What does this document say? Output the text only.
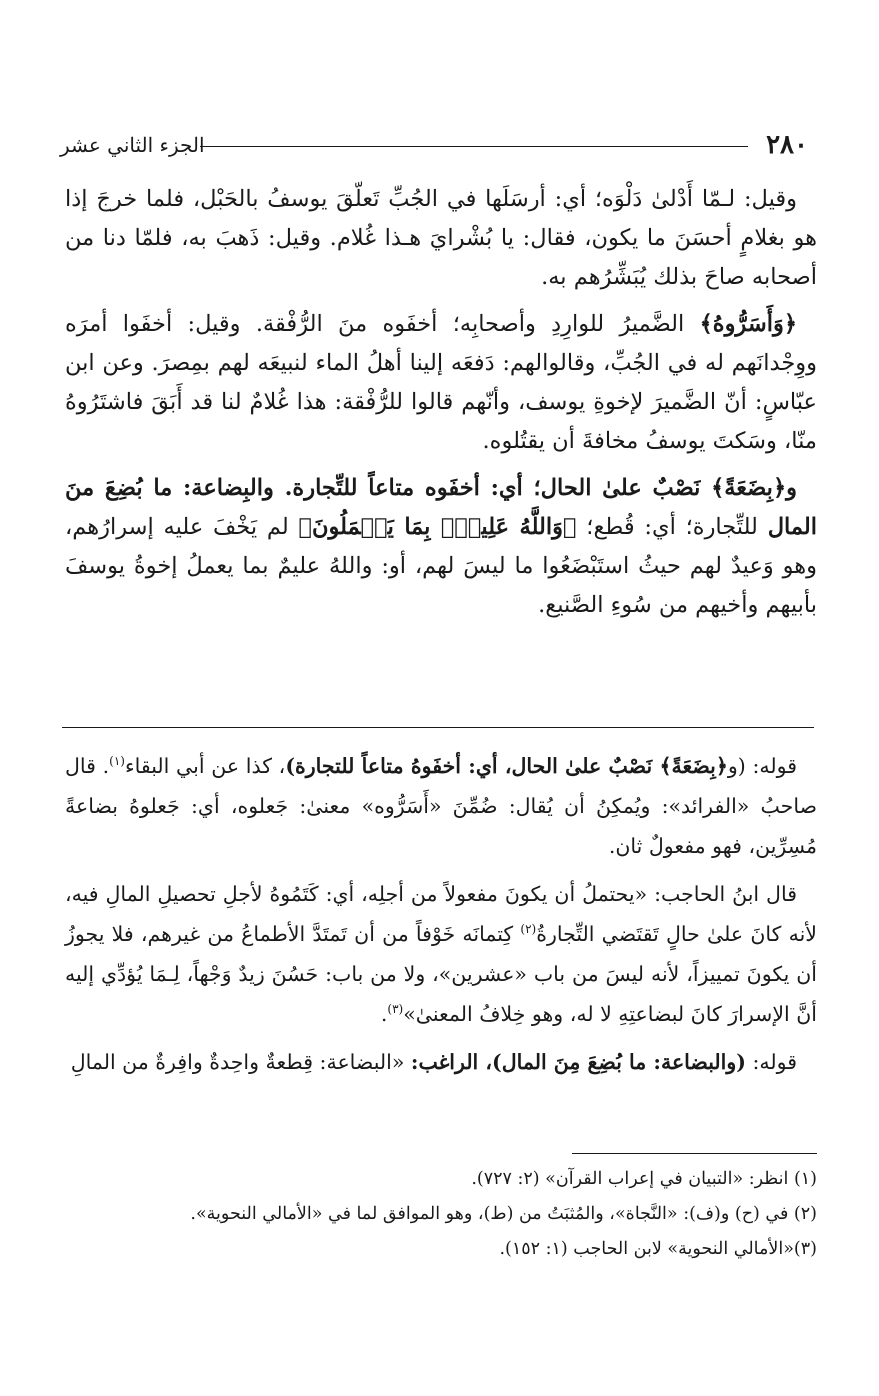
٢٨٠
الجزء الثاني عشر

وقيل: لـمّا أَدْلىٰ دَلْوَه؛ أي: أرسَلَها في الجُبِّ تَعلّقَ يوسفُ بالحَبْل، فلما خرجَ إذا هو بغلامٍ أحسَنَ ما يكون، فقال: يا بُشْرايَ هـذا غُلام. وقيل: ذَهبَ به، فلمّا دنا من أصحابه صاحَ بذلك يُبَشِّرُهم به.

﴿وَأَسَرُّوهُ﴾ الضَّميرُ للوارِدِ وأصحابِه؛ أخفَوه منَ الرُّفْقة. وقيل: أخفَوا أمرَه ووِجْدانَهم له في الجُبِّ، وقالوالهم: دَفعَه إلينا أهلُ الماء لنبيعَه لهم بمِصرَ. وعن ابن عبّاسٍ: أنّ الضَّميرَ لإخوةِ يوسف، وأنّهم قالوا للرُّفْقة: هذا غُلامٌ لنا قد أَبَقَ فاشتَرُوهُ منّا، وسَكتَ يوسفُ مخافةَ أن يقتُلوه.

و﴿بِضَعَةً﴾ نَصْبٌ علىٰ الحال؛ أي: أخفَوه متاعاً للتِّجارة. والبِضاعة: ما بُضِعَ منَ المال للتِّجارة؛ أي: قُطع؛ ﴿وَاللَّهُ عَلِيمٌۢ بِمَا يَعۡمَلُونَ﴾ لم يَخْفَ عليه إسرارُهم، وهو وَعيدٌ لهم حيثُ استَبْضَعُوا ما ليسَ لهم، أو: واللهُ عليمٌ بما يعملُ إخوةُ يوسفَ بأبيهم وأخيهم من سُوءِ الصَّنيع.

قوله: (و﴿بِضَعَةً﴾ نَصْبٌ علىٰ الحال، أي: أخفَوهُ متاعاً للتجارة)، كذا عن أبي البقاء$^{(١)}$. قال صاحبُ «الفرائد»: ويُمكِنُ أن يُقال: ضُمِّنَ «أَسَرُّوه» معنىٰ: جَعلوه، أي: جَعلوهُ بضاعةً مُسِرِّين، فهو مفعولٌ ثان.

قال ابنُ الحاجب: «يحتملُ أن يكونَ مفعولاً من أجلِه، أي: كَتَمُوهُ لأجلِ تحصيلِ المالِ فيه، لأنه كانَ علىٰ حالٍ تَقتَضي التِّجارةُ$^{(٢)}$ كِتمانَه خَوْفاً من أن تَمتَدَّ الأطماعُ من غيرهم، فلا يجوزُ أن يكونَ تمييزاً، لأنه ليسَ من باب «عشرين»، ولا من باب: حَسُنَ زيدٌ وَجْهاً، لِـمَا يُؤدِّي إليه أنَّ الإسرارَ كانَ لبضاعتِهِ لا له، وهو خِلافُ المعنىٰ»$^{(٣)}$.

قوله: (والبضاعة: ما بُضِعَ مِنَ المال)، الراغب: «البضاعة: قِطعةٌ واحِدةٌ وافِرةٌ من المالِ

(١) انظر: «التبيان في إعراب القرآن» (٢: ٧٢٧).
(٢) في (ح) و(ف): «النَّجاة»، والمُثبَتُ من (ط)، وهو الموافق لما في «الأمالي النحوية».
(٣)«الأمالي النحوية» لابن الحاجب (١: ١٥٢).
